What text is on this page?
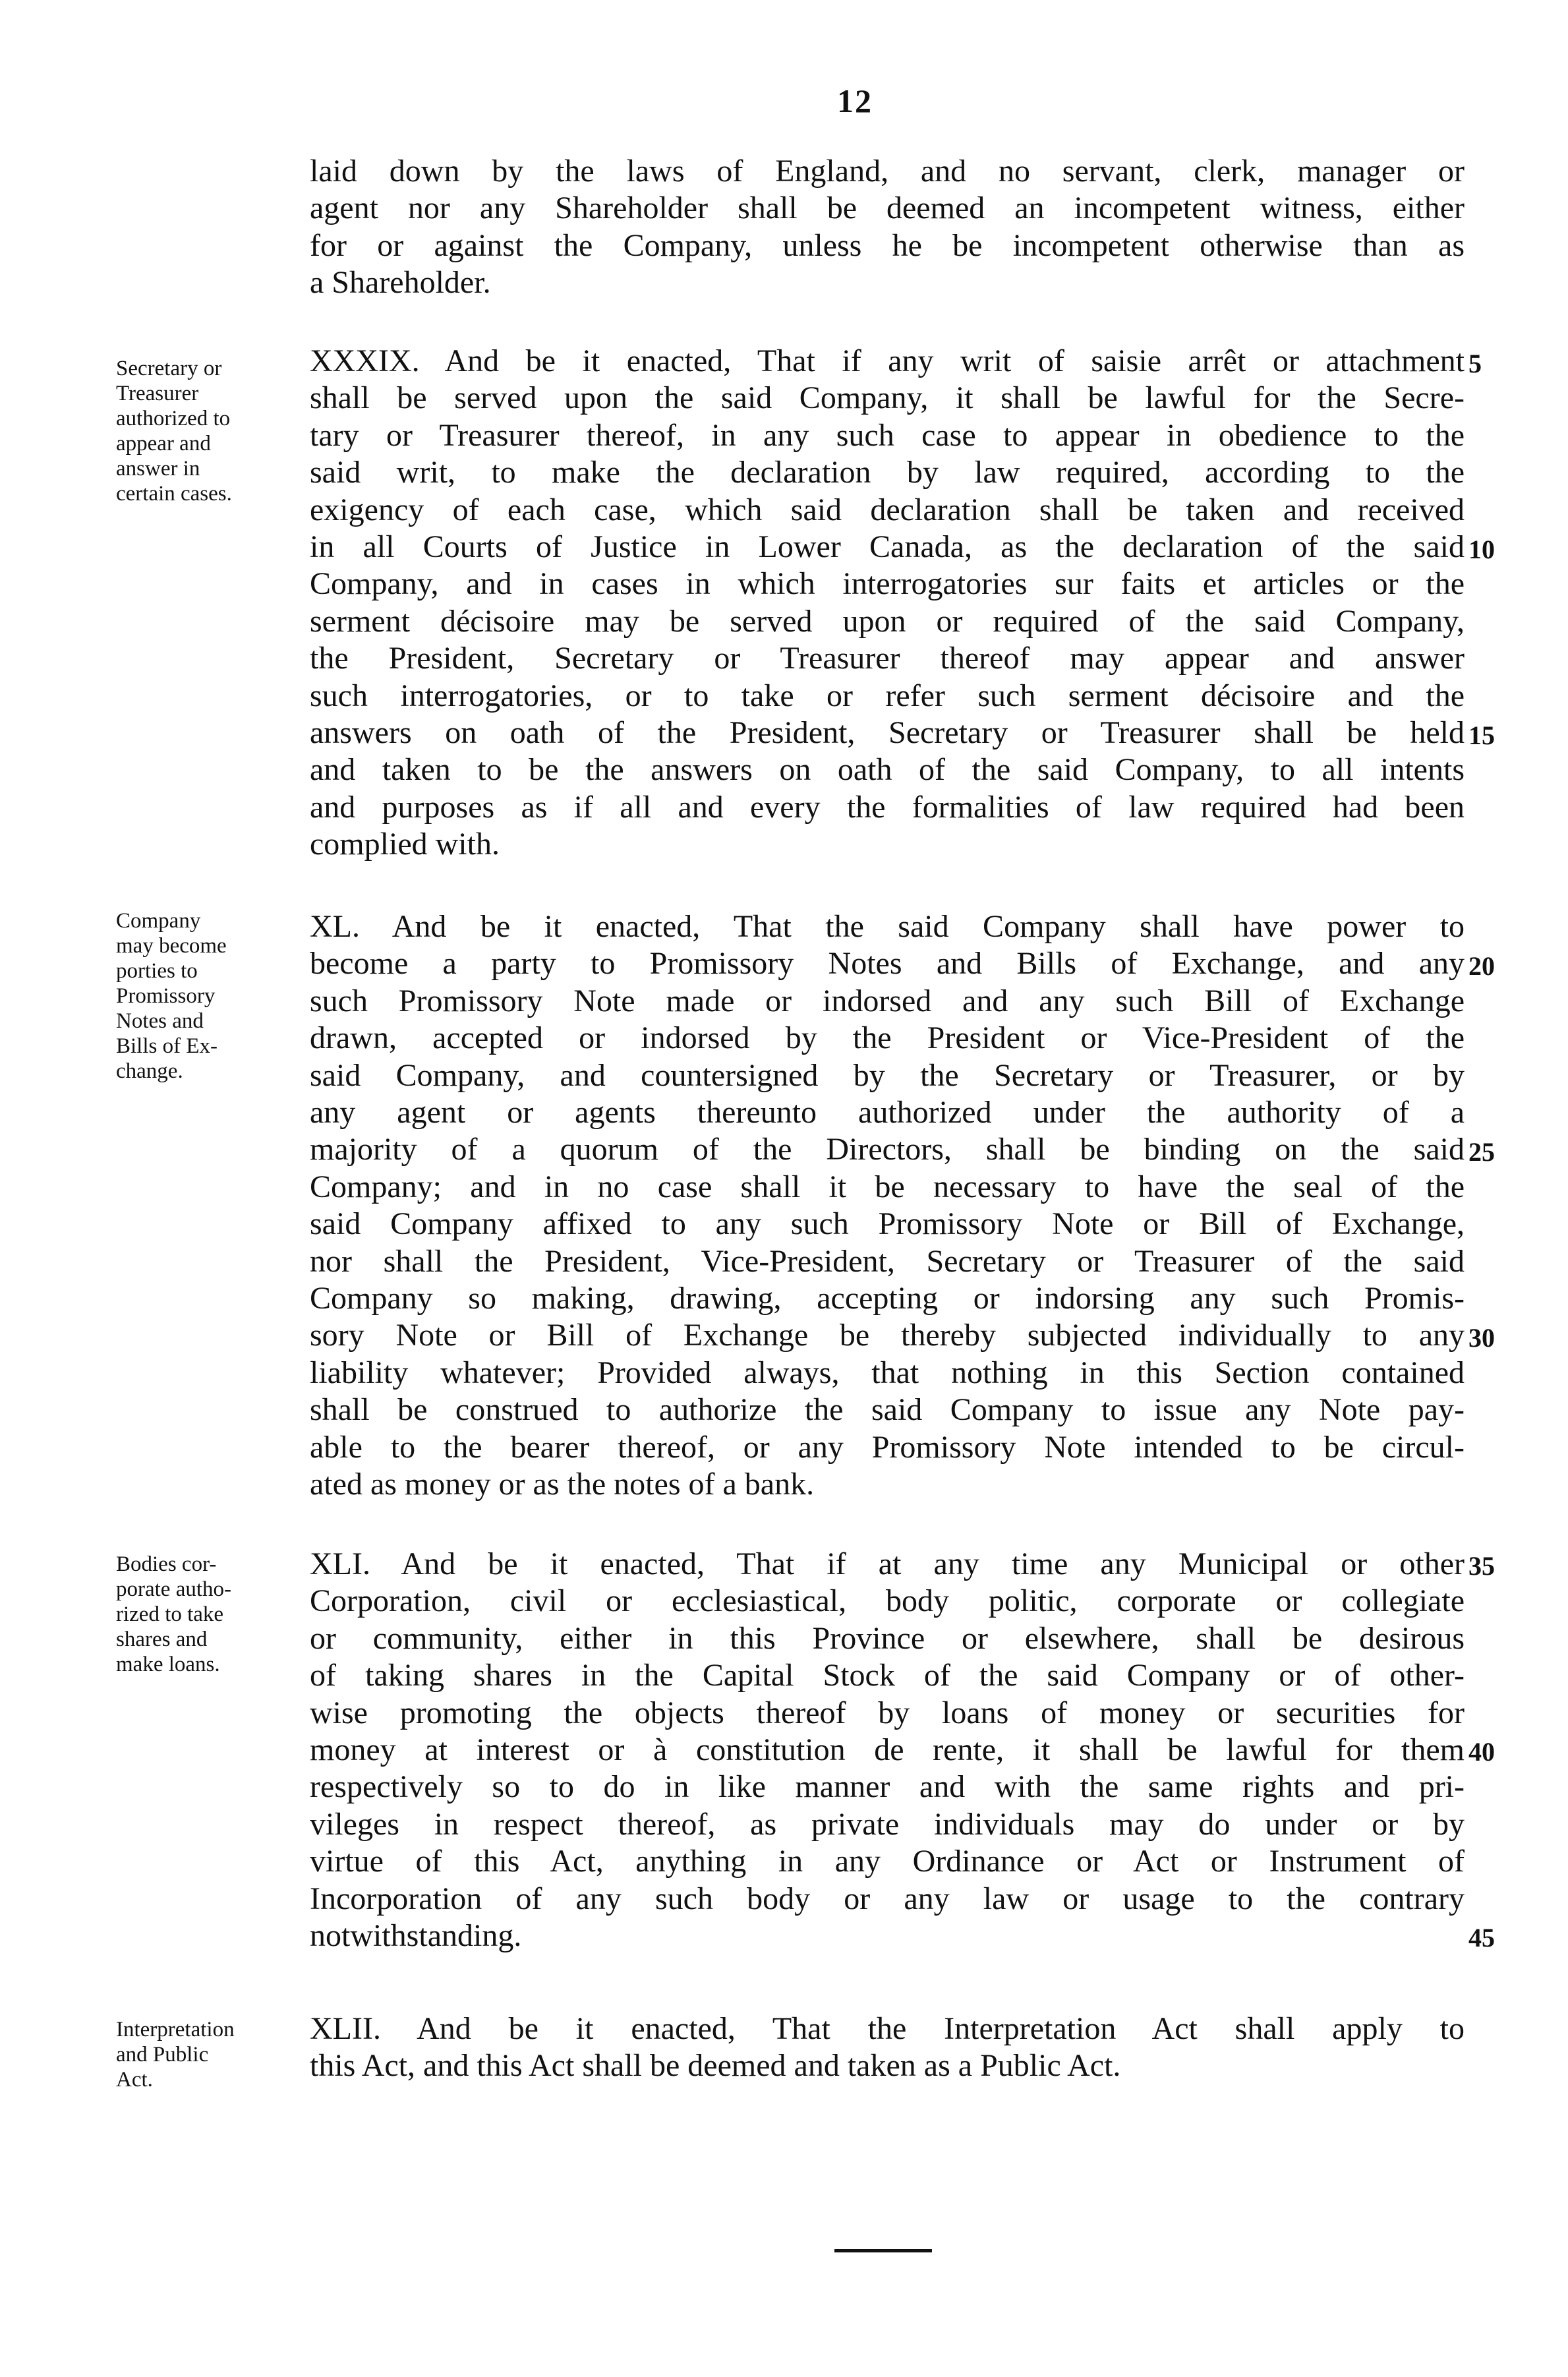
12
laid down by the laws of England, and no servant, clerk, manager or
agent nor any Shareholder shall be deemed an incompetent witness, either
for or against the Company, unless he be incompetent otherwise than as
a Shareholder.
Secretary or
Treasurer
authorized to
appear and
answer in
certain cases.
XXXIX. And be it enacted, That if any writ of saisie arrêt or attachment
shall be served upon the said Company, it shall be lawful for the Secre-
tary or Treasurer thereof, in any such case to appear in obedience to the
said writ, to make the declaration by law required, according to the
exigency of each case, which said declaration shall be taken and received
in all Courts of Justice in Lower Canada, as the declaration of the said
Company, and in cases in which interrogatories sur faits et articles or the
serment décisoire may be served upon or required of the said Company,
the President, Secretary or Treasurer thereof may appear and answer
such interrogatories, or to take or refer such serment décisoire and the
answers on oath of the President, Secretary or Treasurer shall be held
and taken to be the answers on oath of the said Company, to all intents
and purposes as if all and every the formalities of law required had been
complied with.
Company
may become
porties to
Promissory
Notes and
Bills of Ex-
change.
XL. And be it enacted, That the said Company shall have power to
become a party to Promissory Notes and Bills of Exchange, and any
such Promissory Note made or indorsed and any such Bill of Exchange
drawn, accepted or indorsed by the President or Vice-President of the
said Company, and countersigned by the Secretary or Treasurer, or by
any agent or agents thereunto authorized under the authority of a
majority of a quorum of the Directors, shall be binding on the said
Company; and in no case shall it be necessary to have the seal of the
said Company affixed to any such Promissory Note or Bill of Exchange,
nor shall the President, Vice-President, Secretary or Treasurer of the said
Company so making, drawing, accepting or indorsing any such Promis-
sory Note or Bill of Exchange be thereby subjected individually to any
liability whatever; Provided always, that nothing in this Section contained
shall be construed to authorize the said Company to issue any Note pay-
able to the bearer thereof, or any Promissory Note intended to be circul-
ated as money or as the notes of a bank.
Bodies cor-
porate autho-
rized to take
shares and
make loans.
XLI. And be it enacted, That if at any time any Municipal or other
Corporation, civil or ecclesiastical, body politic, corporate or collegiate
or community, either in this Province or elsewhere, shall be desirous
of taking shares in the Capital Stock of the said Company or of other-
wise promoting the objects thereof by loans of money or securities for
money at interest or à constitution de rente, it shall be lawful for them
respectively so to do in like manner and with the same rights and pri-
vileges in respect thereof, as private individuals may do under or by
virtue of this Act, anything in any Ordinance or Act or Instrument of
Incorporation of any such body or any law or usage to the contrary
notwithstanding.
Interpretation
and Public
Act.
XLII. And be it enacted, That the Interpretation Act shall apply to
this Act, and this Act shall be deemed and taken as a Public Act.
5
10
15
20
25
30
35
40
45
